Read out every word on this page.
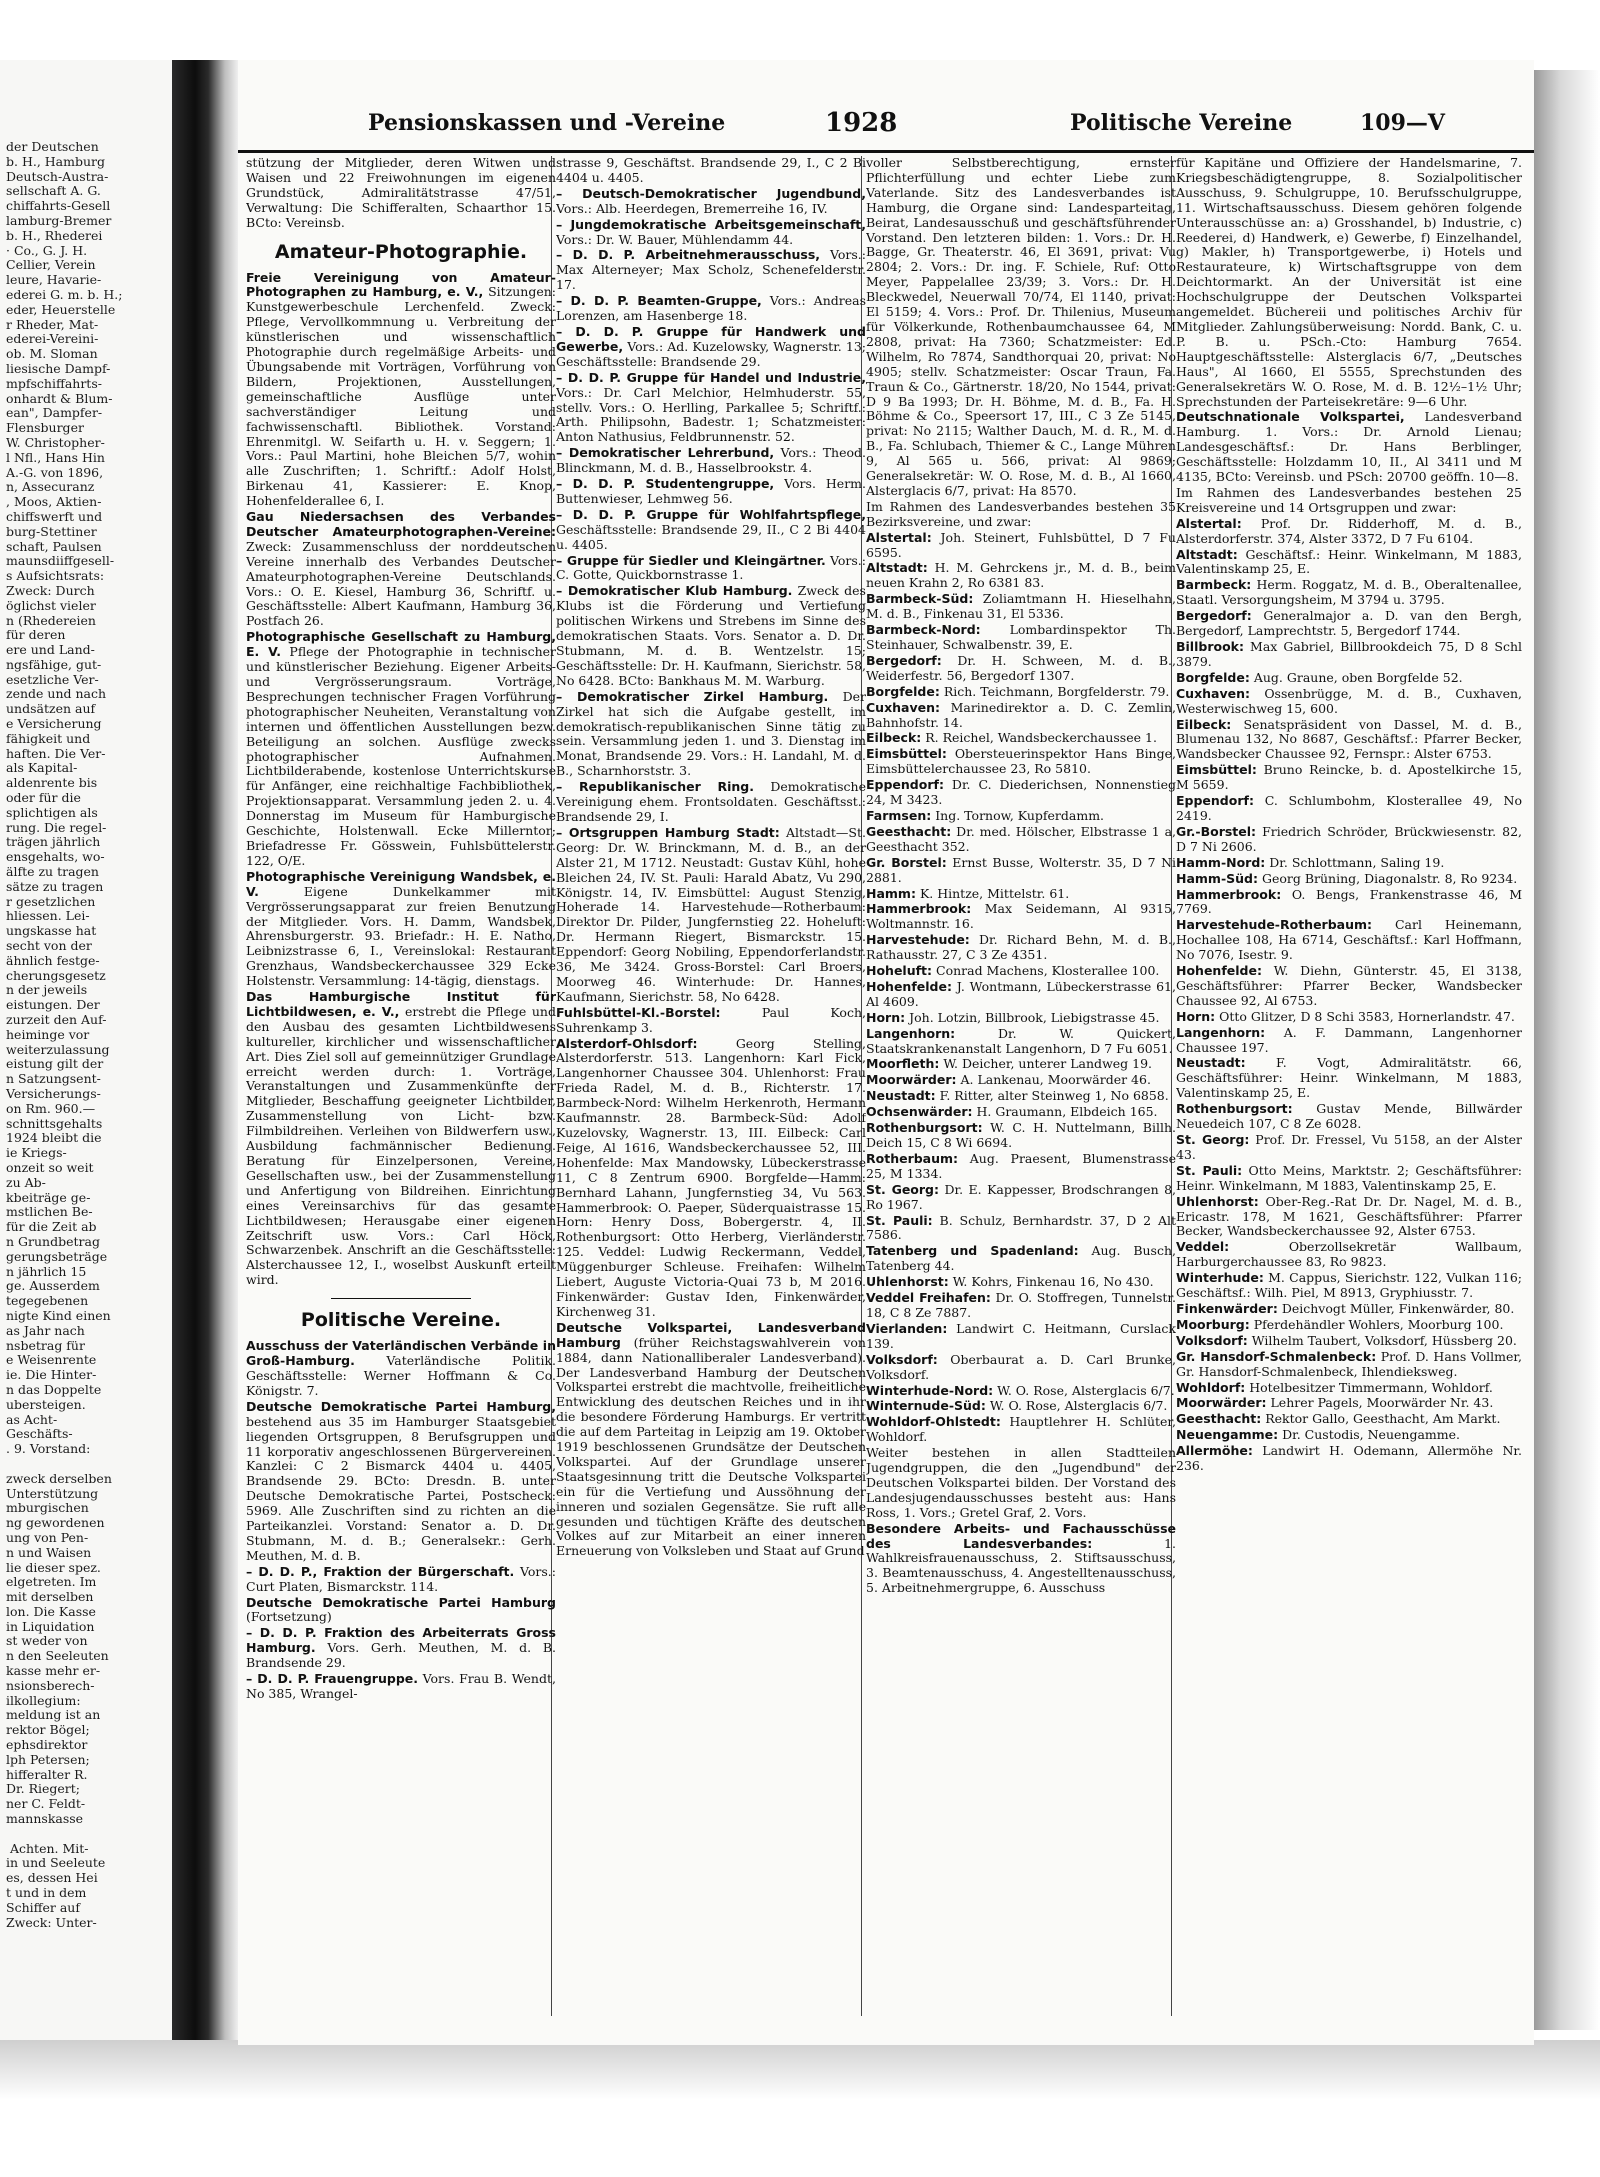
der Deutschen
b. H., Hamburg
Deutsch-Austra-
sellschaft A. G.
chiffahrts-Gesell
lamburg-Bremer
b. H., Rhederei
· Co., G. J. H.
Cellier, Verein
leure, Havarie-
ederei G. m. b. H.;
eder, Heuerstelle
r Rheder, Mat-
ederei-Vereini-
ob. M. Sloman
liesische Dampf-
mpfschiffahrts-
onhardt & Blum-
ean", Dampfer-
Flensburger
W. Christopher-
l Nfl., Hans Hin
A.-G. von 1896,
n, Assecuranz
, Moos, Aktien-
chiffswerft und
burg-Stettiner
schaft, Paulsen
maunsdiiffgesell-
s Aufsichtsrats:
Zweck: Durch
öglichst vieler
n (Rhedereien
für deren
ere und Land-
ngsfähige, gut-
esetzliche Ver-
zende und nach
undsätzen auf
e Versicherung
fähigkeit und
haften. Die Ver-
als Kapital-
aldenrente bis
oder für die
splichtigen als
rung. Die regel-
trägen jährlich
ensgehalts, wo-
älfte zu tragen
sätze zu tragen
r gesetzlichen
hliessen. Lei-
ungskasse hat
secht von der
ähnlich festge-
cherungsgesetz
n der jeweils
eistungen. Der
zurzeit den Auf-
heiminge vor
weiterzulassung
eistung gilt der
n Satzungsent-
Versicherungs-
on Rm. 960.—
schnittsgehalts
1924 bleibt die
ie Kriegs-
onzeit so weit
zu Ab-
kbeiträge ge-
mstlichen Be-
für die Zeit ab
n Grundbetrag
gerungsbeträge
n jährlich 15
ge. Ausserdem
tegegebenen
nigte Kind einen
as Jahr nach
nsbetrag für
e Weisenrente
ie. Die Hinter-
n das Doppelte
ubersteigen.
as Acht-
Geschäfts-
. 9. Vorstand:

zweck derselben
Unterstützung
mburgischen
ng gewordenen
ung von Pen-
n und Waisen
lie dieser spez.
elgetreten. Im
mit derselben
lon. Die Kasse
in Liquidation
st weder von
n den Seeleuten
kasse mehr er-
nsionsberech-
ilkollegium:
meldung ist an
rektor Bögel;
ephsdirektor
lph Petersen;
hifferalter R.
Dr. Riegert;
ner C. Feldt-
mannskasse

Achten. Mit-
in und Seeleute
es, dessen Hei
t und in dem
Schiffer auf
Zweck: Unter-
Pensionskassen und -Vereine	1928	Politische Vereine	109—V
stützung der Mitglieder, deren Witwen und Waisen und 22 Freiwohnungen im eigenen Grundstück, Admiralitätstrasse 47/51, Verwaltung: Die Schifferalten, Schaarthor 15. BCto: Vereinsb.
Amateur-Photographie.
Freie Vereinigung von Amateur-Photographen zu Hamburg, e. V., Sitzungen: Kunstgewerbeschule Lerchenfeld. Zweck: Pflege, Vervollkommnung u. Verbreitung der künstlerischen und wissenschaftlich Photographie durch regelmäßige Arbeits- und Übungsabende mit Vorträgen, Vorführung von Bildern, Projektionen, Ausstellungen, gemeinschaftliche Ausflüge unter sachverständiger Leitung und fachwissenschaftl. Bibliothek. Vorstand: Ehrenmitgl. W. Seifarth u. H. v. Seggern; 1. Vors.: Paul Martini, hohe Bleichen 5/7, wohin alle Zuschriften; 1. Schriftf.: Adolf Holst, Birkenau 41, Kassierer: E. Knop, Hohenfelderallee 6, I.
Gau Niedersachsen des Verbandes Deutscher Amateurphotographen-Vereine: Zweck: Zusammenschluss der norddeutschen Vereine innerhalb des Verbandes Deutscher Amateurphotographen-Vereine Deutschlands. Vors.: O. E. Kiesel, Hamburg 36, Schriftf. u. Geschäftsstelle: Albert Kaufmann, Hamburg 36, Postfach 26.
Photographische Gesellschaft zu Hamburg, E. V. Pflege der Photographie in technischer und künstlerischer Beziehung. Eigener Arbeits- und Vergrösserungsraum. Vorträge, Besprechungen technischer Fragen Vorführung photographischer Neuheiten, Veranstaltung von internen und öffentlichen Ausstellungen bezw. Beteiligung an solchen. Ausflüge zwecks photographischer Aufnahmen. Lichtbilderabende, kostenlose Unterrichtskurse für Anfänger, eine reichhaltige Fachbibliothek, Projektionsapparat. Versammlung jeden 2. u. 4. Donnerstag im Museum für Hamburgische Geschichte, Holstenwall. Ecke Millerntor; Briefadresse Fr. Gösswein, Fuhlsbüttelerstr. 122, O/E.
Photographische Vereinigung Wandsbek, e. V.	Eigene Dunkelkammer mit Vergrösserungsapparat zur freien Benutzung der Mitglieder. Vors. H. Damm, Wandsbek, Ahrensburgerstr. 93. Briefadr.: H. E. Natho, Leibnizstrasse 6, I., Vereinslokal: Restaurant Grenzhaus, Wandsbeckerchaussee 329 Ecke Holstenstr. Versammlung: 14-tägig, dienstags.
Das Hamburgische Institut für Lichtbildwesen, e. V., erstrebt die Pflege und den Ausbau des gesamten Lichtbildwesens kultureller, kirchlicher und wissenschaftlicher Art. Dies Ziel soll auf gemeinnütziger Grundlage erreicht werden durch: 1. Vorträge, Veranstaltungen und Zusammenkünfte der Mitglieder, Beschaffung geeigneter Lichtbilder, Zusammenstellung von Licht- bzw. Filmbildreihen. Verleihen von Bildwerfern usw., Ausbildung fachmännischer Bedienung. Beratung für Einzelpersonen, Vereine, Gesellschaften usw., bei der Zusammenstellung und Anfertigung von Bildreihen. Einrichtung eines Vereinsarchivs für das gesamte Lichtbildwesen; Herausgabe einer eigenen Zeitschrift usw. Vors.: Carl Höck, Schwarzenbek. Anschrift an die Geschäftsstelle: Alsterchaussee 12, I., woselbst Auskunft erteilt wird.
Politische Vereine.
Ausschuss der Vaterländischen Verbände in Groß-Hamburg.	Vaterländische Politik. Geschäftsstelle: Werner Hoffmann & Co. Königstr. 7.
Deutsche Demokratische Partei Hamburg, bestehend aus 35 im Hamburger Staatsgebiet liegenden Ortsgruppen, 8 Berufsgruppen und 11 korporativ angeschlossenen Bürgervereinen. Kanzlei: C 2 Bismarck 4404 u. 4405, Brandsende 29. BCto: Dresdn. B. unter Deutsche Demokratische Partei, Postscheck: 5969. Alle Zuschriften sind zu richten an die Parteikanzlei. Vorstand: Senator a. D. Dr. Stubmann, M. d. B.; Generalsekr.: Gerh. Meuthen, M. d. B.
– D. D. P., Fraktion der Bürgerschaft. Vors.: Curt Platen, Bismarckstr. 114.
Deutsche Demokratische Partei Hamburg (Fortsetzung)
– D. D. P. Fraktion des Arbeiterrats Gross Hamburg. Vors. Gerh. Meuthen, M. d. B. Brandsende 29.
– D. D. P. Frauengruppe. Vors. Frau B. Wendt, No 385, Wrangel-
strasse 9, Geschäftst. Brandsende 29, I., C 2 Bi 4404 u. 4405.
– Deutsch-Demokratischer Jugendbund, Vors.: Alb. Heerdegen, Bremerreihe 16, IV.
– Jungdemokratische Arbeitsgemeinschaft, Vors.: Dr. W. Bauer, Mühlendamm 44.
– D. D. P. Arbeitnehmerausschuss, Vors.: Max Alterneyer; Max Scholz, Schenefelderstr. 17.
– D. D. P. Beamten-Gruppe, Vors.: Andreas Lorenzen, am Hasenberge 18.
– D. D. P. Gruppe für Handwerk und Gewerbe, Vors.: Ad. Kuzelowsky, Wagnerstr. 13; Geschäftsstelle: Brandsende 29.
– D. D. P. Gruppe für Handel und Industrie, Vors.: Dr. Carl Melchior, Helmhuderstr. 55, stellv. Vors.: O. Herlling, Parkallee 5; Schriftf.: Arth. Philipsohn, Badestr. 1; Schatzmeister: Anton Nathusius, Feldbrunnenstr. 52.
– Demokratischer Lehrerbund, Vors.: Theod. Blinckmann, M. d. B., Hasselbrookstr. 4.
– D. D. P. Studentengruppe, Vors. Herm. Buttenwieser, Lehmweg 56.
– D. D. P. Gruppe für Wohlfahrtspflege, Geschäftsstelle: Brandsende 29, II., C 2 Bi 4404 u. 4405.
– Gruppe für Siedler und Kleingärtner. Vors.: C. Gotte, Quickbornstrasse 1.
– Demokratischer Klub Hamburg. Zweck des Klubs ist die Förderung und Vertiefung politischen Wirkens und Strebens im Sinne des demokratischen Staats. Vors. Senator a. D. Dr. Stubmann, M. d. B. Wentzelstr. 15; Geschäftsstelle: Dr. H. Kaufmann, Sierichstr. 58, No 6428. BCto: Bankhaus M. M. Warburg.
– Demokratischer Zirkel Hamburg. Der Zirkel hat sich die Aufgabe gestellt, im demokratisch-republikanischen Sinne tätig zu sein. Versammlung jeden 1. und 3. Dienstag im Monat, Brandsende 29. Vors.: H. Landahl, M. d. B., Scharnhorststr. 3.
– Republikanischer Ring. Demokratische Vereinigung ehem. Frontsoldaten. Geschäftsst.: Brandsende 29, I.
– Ortsgruppen Hamburg Stadt: Altstadt—St. Georg: Dr. W. Brinckmann, M. d. B., an der Alster 21, M 1712. Neustadt: Gustav Kühl, hohe Bleichen 24, IV. St. Pauli: Harald Abatz, Vu 290, Königstr. 14, IV. Eimsbüttel: August Stenzig, Hoherade 14. Harvestehude—Rotherbaum: Direktor Dr. Pilder, Jungfernstieg 22. Hoheluft: Dr. Hermann Riegert, Bismarckstr. 15. Eppendorf: Georg Nobiling, Eppendorferlandstr. 36, Me 3424. Gross-Borstel: Carl Broers, Moorweg 46. Winterhude: Dr. Hannes, Kaufmann, Sierichstr. 58, No 6428.
Fuhlsbüttel-Kl.-Borstel:	Paul Koch, Suhrenkamp 3.
Alsterdorf-Ohlsdorf:	Georg Stelling, Alsterdorferstr. 513. Langenhorn: Karl Fick, Langenhorner Chaussee 304. Uhlenhorst: Frau Frieda Radel, M. d. B., Richterstr. 17. Barmbeck-Nord: Wilhelm Herkenroth, Hermann Kaufmannstr. 28. Barmbeck-Süd: Adolf Kuzelovsky, Wagnerstr. 13, III. Eilbeck: Carl Feige, Al 1616, Wandsbeckerchaussee 52, III. Hohenfelde: Max Mandowsky, Lübeckerstrasse 11, C 8 Zentrum 6900. Borgfelde—Hamm: Bernhard Lahann, Jungfernstieg 34, Vu 563. Hammerbrook: O. Paeper, Süderquaistrasse 15. Horn: Henry Doss, Bobergerstr. 4, II. Rothenburgsort: Otto Herberg, Vierländerstr. 125. Veddel: Ludwig Reckermann, Veddel, Müggenburger Schleuse. Freihafen: Wilhelm Liebert, Auguste Victoria-Quai 73 b, M 2016. Finkenwärder: Gustav Iden, Finkenwärder, Kirchenweg 31.
Deutsche Volkspartei, Landesverband Hamburg (früher Reichstagswahlverein von 1884, dann Nationalliberaler Landesverband). Der Landesverband Hamburg der Deutschen Volkspartei erstrebt die machtvolle, freiheitliche Entwicklung des deutschen Reiches und in ihr die besondere Förderung Hamburgs. Er vertritt die auf dem Parteitag in Leipzig am 19. Oktober 1919 beschlossenen Grundsätze der Deutschen Volkspartei. Auf der Grundlage unserer Staatsgesinnung tritt die Deutsche Volkspartei ein für die Vertiefung und Aussöhnung der inneren und sozialen Gegensätze. Sie ruft alle gesunden und tüchtigen Kräfte des deutschen Volkes auf zur Mitarbeit an einer inneren Erneuerung von Volksleben und Staat auf Grund
voller Selbstberechtigung, ernster Pflichterfüllung und echter Liebe zum Vaterlande. Sitz des Landesverbandes ist Hamburg, die Organe sind: Landesparteitag, Beirat, Landesausschuß und geschäftsführender Vorstand. Den letzteren bilden: 1. Vors.: Dr. H. Bagge, Gr. Theaterstr. 46, El 3691, privat: Vu 2804; 2. Vors.: Dr. ing. F. Schiele, Ruf: Otto Meyer, Pappelallee 23/39; 3. Vors.: Dr. H. Bleckwedel, Neuerwall 70/74, El 1140, privat: El 5159; 4. Vors.: Prof. Dr. Thilenius, Museum für Völkerkunde, Rothenbaumchaussee 64, M 2808, privat: Ha 7360; Schatzmeister: Ed. Wilhelm, Ro 7874, Sandthorquai 20, privat: No 4905; stellv. Schatzmeister: Oscar Traun, Fa. Traun & Co., Gärtnerstr. 18/20, No 1544, privat: D 9 Ba 1993; Dr. H. Böhme, M. d. B., Fa. H. Böhme & Co., Speersort 17, III., C 3 Ze 5145, privat: No 2115; Walther Dauch, M. d. R., M. d. B., Fa. Schlubach, Thiemer & C., Lange Mühren 9, Al 565 u. 566, privat: Al 9869; Generalsekretär: W. O. Rose, M. d. B., Al 1660, Alsterglacis 6/7, privat: Ha 8570.
Im Rahmen des Landesverbandes bestehen 35 Bezirksvereine, und zwar:
Alstertal: Joh. Steinert, Fuhlsbüttel, D 7 Fu 6595.
Altstadt: H. M. Gehrckens jr., M. d. B., beim neuen Krahn 2, Ro 6381 83.
Barmbeck-Süd: Zoliamtmann H. Hieselhahn, M. d. B., Finkenau 31, El 5336.
Barmbeck-Nord: Lombardinspektor Th. Steinhauer, Schwalbenstr. 39, E.
Bergedorf: Dr. H. Schween, M. d. B., Weiderfestr. 56, Bergedorf 1307.
Borgfelde: Rich. Teichmann, Borgfelderstr. 79.
Cuxhaven: Marinedirektor a. D. C. Zemlin, Bahnhofstr. 14.
Eilbeck: R. Reichel, Wandsbeckerchaussee 1.
Eimsbüttel: Obersteuerinspektor Hans Binge, Eimsbüttelerchaussee 23, Ro 5810.
Eppendorf: Dr. C. Diederichsen, Nonnenstieg 24, M 3423.
Farmsen: Ing. Tornow, Kupferdamm.
Geesthacht: Dr. med. Hölscher, Elbstrasse 1 a, Geesthacht 352.
Gr. Borstel: Ernst Busse, Wolterstr. 35, D 7 Ni 2881.
Hamm: K. Hintze, Mittelstr. 61.
Hammerbrook: Max Seidemann, Al 9315, Woltmannstr. 16.
Harvestehude: Dr. Richard Behn, M. d. B., Rathausstr. 27, C 3 Ze 4351.
Hoheluft: Conrad Machens, Klosterallee 100.
Hohenfelde: J. Wontmann, Lübeckerstrasse 61, Al 4609.
Horn: Joh. Lotzin, Billbrook, Liebigstrasse 45.
Langenhorn:	Dr. W. Quickert, Staatskrankenanstalt Langenhorn, D 7 Fu 6051.
Moorfleth: W. Deicher, unterer Landweg 19.
Moorwärder: A. Lankenau, Moorwärder 46.
Neustadt: F. Ritter, alter Steinweg 1, No 6858.
Ochsenwärder: H. Graumann, Elbdeich 165.
Rothenburgsort: W. C. H. Nuttelmann, Billh. Deich 15, C 8 Wi 6694.
Rotherbaum: Aug. Praesent, Blumenstrasse 25, M 1334.
St. Georg: Dr. E. Kappesser, Brodschrangen 8, Ro 1967.
St. Pauli: B. Schulz, Bernhardstr. 37, D 2 Alt 7586.
Tatenberg und Spadenland: Aug. Busch, Tatenberg 44.
Uhlenhorst: W. Kohrs, Finkenau 16, No 430.
Veddel Freihafen: Dr. O. Stoffregen, Tunnelstr. 18, C 8 Ze 7887.
Vierlanden: Landwirt C. Heitmann, Curslack 139.
Volksdorf: Oberbaurat a. D. Carl Brunke, Volksdorf.
Winterhude-Nord: W. O. Rose, Alsterglacis 6/7.
Winternude-Süd: W. O. Rose, Alsterglacis 6/7.
Wohldorf-Ohlstedt: Hauptlehrer H. Schlüter, Wohldorf.
Weiter bestehen in allen Stadtteilen Jugendgruppen, die den „Jugendbund" der Deutschen Volkspartei bilden. Der Vorstand des Landesjugendausschusses besteht aus: Hans Ross, 1. Vors.; Gretel Graf, 2. Vors.
Besondere Arbeits- und Fachausschüsse des Landesverbandes:	1. Wahlkreisfrauenausschuss, 2. Stiftsausschuss, 3. Beamtenausschuss, 4. Angestelltenausschuss, 5. Arbeitnehmergruppe, 6. Ausschuss
für Kapitäne und Offiziere der Handelsmarine, 7. Kriegsbeschädigtengruppe, 8. Sozialpolitischer Ausschuss, 9. Schulgruppe, 10. Berufsschulgruppe, 11. Wirtschaftsausschuss. Diesem gehören folgende Unterausschüsse an: a) Grosshandel, b) Industrie, c) Reederei, d) Handwerk, e) Gewerbe, f) Einzelhandel, g) Makler, h) Transportgewerbe, i) Hotels und Restaurateure, k) Wirtschaftsgruppe von dem Deichtormarkt. An der Universität ist eine Hochschulgruppe der Deutschen Volkspartei angemeldet. Büchereii und politisches Archiv für Mitglieder. Zahlungsüberweisung: Nordd. Bank, C. u. P. B. u. PSch.-Cto: Hamburg 7654. Hauptgeschäftsstelle: Alsterglacis 6/7, „Deutsches Haus", Al 1660, El 5555, Sprechstunden des Generalsekretärs W. O. Rose, M. d. B. 12½–1½ Uhr; Sprechstunden der Parteisekretäre: 9—6 Uhr.
Deutschnationale Volkspartei, Landesverband Hamburg. 1. Vors.: Dr. Arnold Lienau; Landesgeschäftsf.: Dr. Hans Berblinger, Geschäftsstelle: Holzdamm 10, II., Al 3411 und M 4135, BCto: Vereinsb. und PSch: 20700 geöffn. 10—8.
Im Rahmen des Landesverbandes bestehen 25 Kreisvereine und 14 Ortsgruppen und zwar:
Alstertal: Prof. Dr. Ridderhoff, M. d. B., Alsterdorferstr. 374, Alster 3372, D 7 Fu 6104.
Altstadt: Geschäftsf.: Heinr. Winkelmann, M 1883, Valentinskamp 25, E.
Barmbeck: Herm. Roggatz, M. d. B., Oberaltenallee, Staatl. Versorgungsheim, M 3794 u. 3795.
Bergedorf: Generalmajor a. D. van den Bergh, Bergedorf, Lamprechtstr. 5, Bergedorf 1744.
Billbrook: Max Gabriel, Billbrookdeich 75, D 8 Schl 3879.
Borgfelde: Aug. Graune, oben Borgfelde 52.
Cuxhaven: Ossenbrügge, M. d. B., Cuxhaven, Westerwischweg 15, 600.
Eilbeck: Senatspräsident von Dassel, M. d. B., Blumenau 132, No 8687, Geschäftsf.: Pfarrer Becker, Wandsbecker Chaussee 92, Fernspr.: Alster 6753.
Eimsbüttel: Bruno Reincke, b. d. Apostelkirche 15, M 5659.
Eppendorf: C. Schlumbohm, Klosterallee 49, No 2419.
Gr.-Borstel: Friedrich Schröder, Brückwiesenstr. 82, D 7 Ni 2606.
Hamm-Nord: Dr. Schlottmann, Saling 19.
Hamm-Süd: Georg Brüning, Diagonalstr. 8, Ro 9234.
Hammerbrook: O. Bengs, Frankenstrasse 46, M 7769.
Harvestehude-Rotherbaum: Carl Heinemann, Hochallee 108, Ha 6714, Geschäftsf.: Karl Hoffmann, No 7076, Isestr. 9.
Hohenfelde: W. Diehn, Günterstr. 45, El 3138, Geschäftsführer: Pfarrer Becker, Wandsbecker Chaussee 92, Al 6753.
Horn: Otto Glitzer, D 8 Schi 3583, Hornerlandstr. 47.
Langenhorn: A. F. Dammann, Langenhorner Chaussee 197.
Neustadt: F. Vogt, Admiralitätstr. 66, Geschäftsführer: Heinr. Winkelmann, M 1883, Valentinskamp 25, E.
Rothenburgsort: Gustav Mende, Billwärder Neuedeich 107, C 8 Ze 6028.
St. Georg: Prof. Dr. Fressel, Vu 5158, an der Alster 43.
St. Pauli: Otto Meins, Marktstr. 2; Geschäftsführer: Heinr. Winkelmann, M 1883, Valentinskamp 25, E.
Uhlenhorst: Ober-Reg.-Rat Dr. Dr. Nagel, M. d. B., Ericastr. 178, M 1621, Geschäftsführer: Pfarrer Becker, Wandsbeckerchaussee 92, Alster 6753.
Veddel:	Oberzollsekretär Wallbaum, Harburgerchaussee 83, Ro 9823.
Winterhude: M. Cappus, Sierichstr. 122, Vulkan 116; Geschäftsf.: Wilh. Piel, M 8913, Gryphiusstr. 7.
Finkenwärder: Deichvogt Müller, Finkenwärder, 80.
Moorburg: Pferdehändler Wohlers, Moorburg 100.
Volksdorf: Wilhelm Taubert, Volksdorf, Hüssberg 20.
Gr. Hansdorf-Schmalenbeck: Prof. D. Hans Vollmer, Gr. Hansdorf-Schmalenbeck, Ihlendieksweg.
Wohldorf: Hotelbesitzer Timmermann, Wohldorf.
Moorwärder: Lehrer Pagels, Moorwärder Nr. 43.
Geesthacht: Rektor Gallo, Geesthacht, Am Markt.
Neuengamme: Dr. Custodis, Neuengamme.
Allermöhe: Landwirt H. Odemann, Allermöhe Nr. 236.
